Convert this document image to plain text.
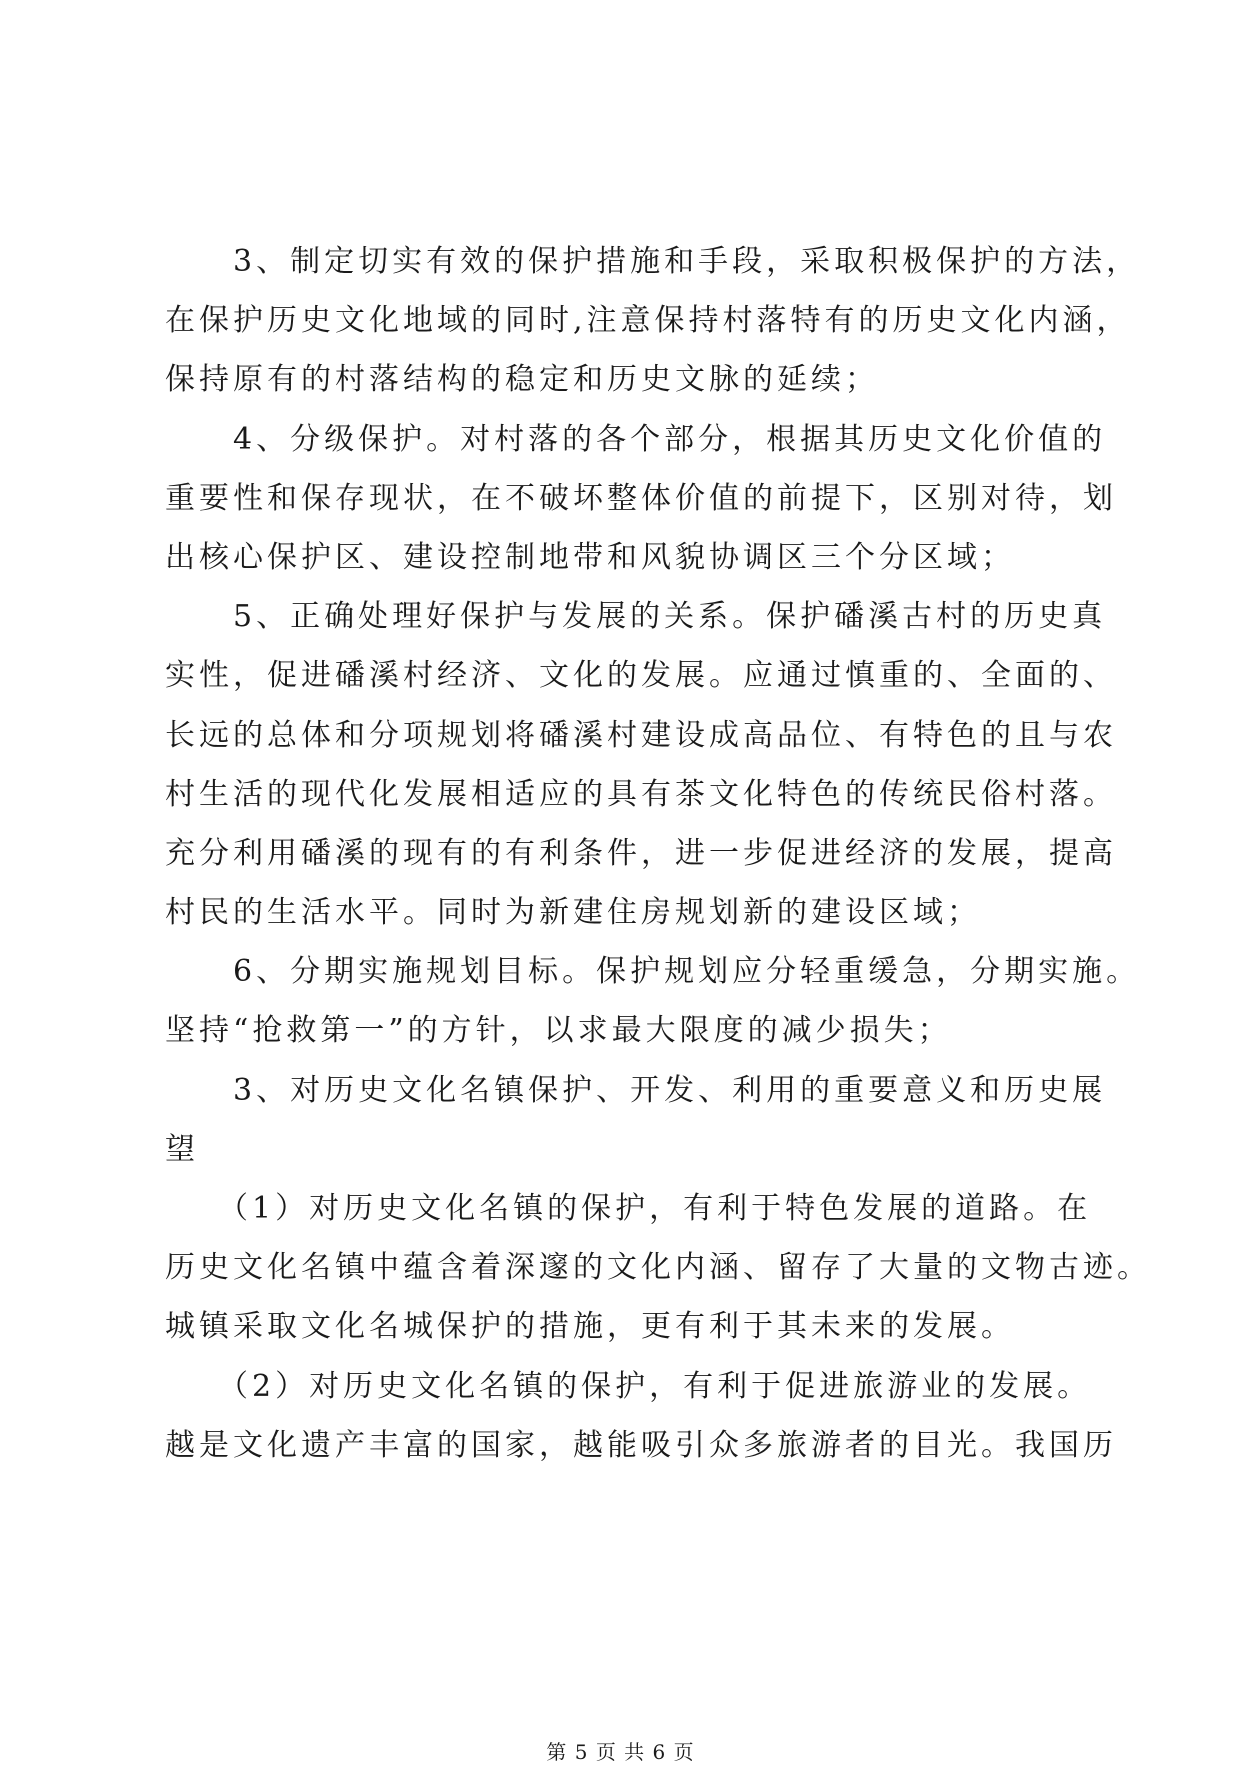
　　3、制定切实有效的保护措施和手段，采取积极保护的方法，
在保护历史文化地域的同时,注意保持村落特有的历史文化内涵，
保持原有的村落结构的稳定和历史文脉的延续；
　　4、分级保护。对村落的各个部分，根据其历史文化价值的
重要性和保存现状，在不破坏整体价值的前提下，区别对待，划
出核心保护区、建设控制地带和风貌协调区三个分区域；
　　5、正确处理好保护与发展的关系。保护磻溪古村的历史真
实性，促进磻溪村经济、文化的发展。应通过慎重的、全面的、
长远的总体和分项规划将磻溪村建设成高品位、有特色的且与农
村生活的现代化发展相适应的具有茶文化特色的传统民俗村落。
充分利用磻溪的现有的有利条件，进一步促进经济的发展，提高
村民的生活水平。同时为新建住房规划新的建设区域；
　　6、分期实施规划目标。保护规划应分轻重缓急，分期实施。
坚持“抢救第一”的方针，以求最大限度的减少损失；
　　3、对历史文化名镇保护、开发、利用的重要意义和历史展
望
　　（1）对历史文化名镇的保护，有利于特色发展的道路。在
历史文化名镇中蕴含着深邃的文化内涵、留存了大量的文物古迹。
城镇采取文化名城保护的措施，更有利于其未来的发展。
　　（2）对历史文化名镇的保护，有利于促进旅游业的发展。
越是文化遗产丰富的国家，越能吸引众多旅游者的目光。我国历
第 5 页 共 6 页
